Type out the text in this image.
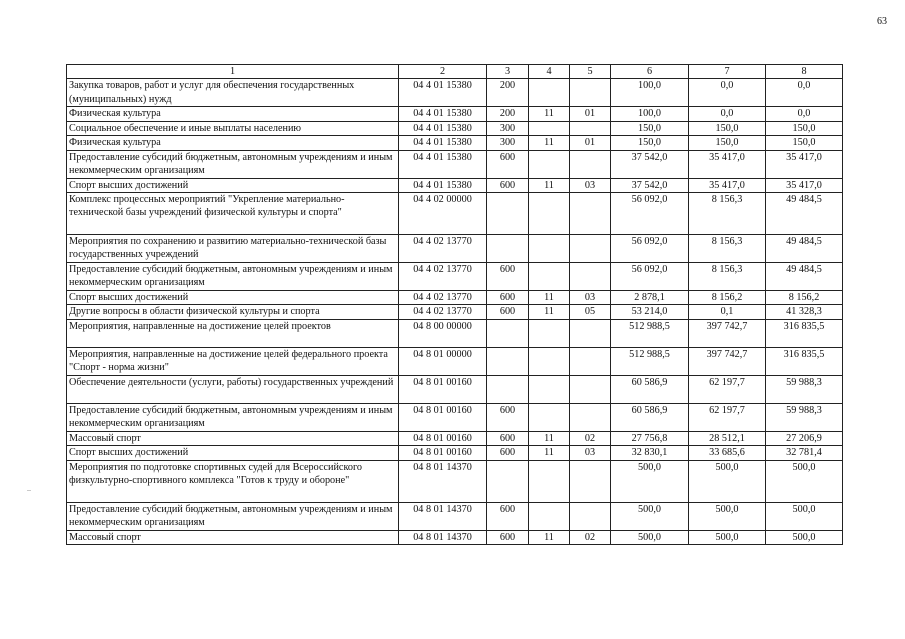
63
..
1	2	3	4	5	6	7	8
Закупка товаров, работ и услуг для обеспечения государственных (муниципальных) нужд	04 4 01 15380	200			100,0	0,0	0,0
Физическая культура	04 4 01 15380	200	11	01	100,0	0,0	0,0
Социальное обеспечение и иные выплаты населению	04 4 01 15380	300			150,0	150,0	150,0
Физическая культура	04 4 01 15380	300	11	01	150,0	150,0	150,0
Предоставление субсидий бюджетным, автономным учреждениям и иным некоммерческим организациям	04 4 01 15380	600			37 542,0	35 417,0	35 417,0
Спорт высших достижений	04 4 01 15380	600	11	03	37 542,0	35 417,0	35 417,0
Комплекс процессных мероприятий "Укрепление материально-технической базы учреждений физической культуры и спорта"	04 4 02 00000				56 092,0	8 156,3	49 484,5
Мероприятия по сохранению и развитию материально-технической базы государственных учреждений	04 4 02 13770				56 092,0	8 156,3	49 484,5
Предоставление субсидий бюджетным, автономным учреждениям и иным некоммерческим организациям	04 4 02 13770	600			56 092,0	8 156,3	49 484,5
Спорт высших достижений	04 4 02 13770	600	11	03	2 878,1	8 156,2	8 156,2
Другие вопросы в области физической культуры и спорта	04 4 02 13770	600	11	05	53 214,0	0,1	41 328,3
Мероприятия, направленные на достижение целей проектов	04 8 00 00000				512 988,5	397 742,7	316 835,5
Мероприятия, направленные на достижение целей федерального проекта "Спорт - норма жизни"	04 8 01 00000				512 988,5	397 742,7	316 835,5
Обеспечение деятельности (услуги, работы) государственных учреждений	04 8 01 00160				60 586,9	62 197,7	59 988,3
Предоставление субсидий бюджетным, автономным учреждениям и иным некоммерческим организациям	04 8 01 00160	600			60 586,9	62 197,7	59 988,3
Массовый спорт	04 8 01 00160	600	11	02	27 756,8	28 512,1	27 206,9
Спорт высших достижений	04 8 01 00160	600	11	03	32 830,1	33 685,6	32 781,4
Мероприятия по подготовке спортивных судей для Всероссийского физкультурно-спортивного комплекса "Готов к труду и обороне"	04 8 01 14370				500,0	500,0	500,0
Предоставление субсидий бюджетным, автономным учреждениям и иным некоммерческим организациям	04 8 01 14370	600			500,0	500,0	500,0
Массовый спорт	04 8 01 14370	600	11	02	500,0	500,0	500,0
